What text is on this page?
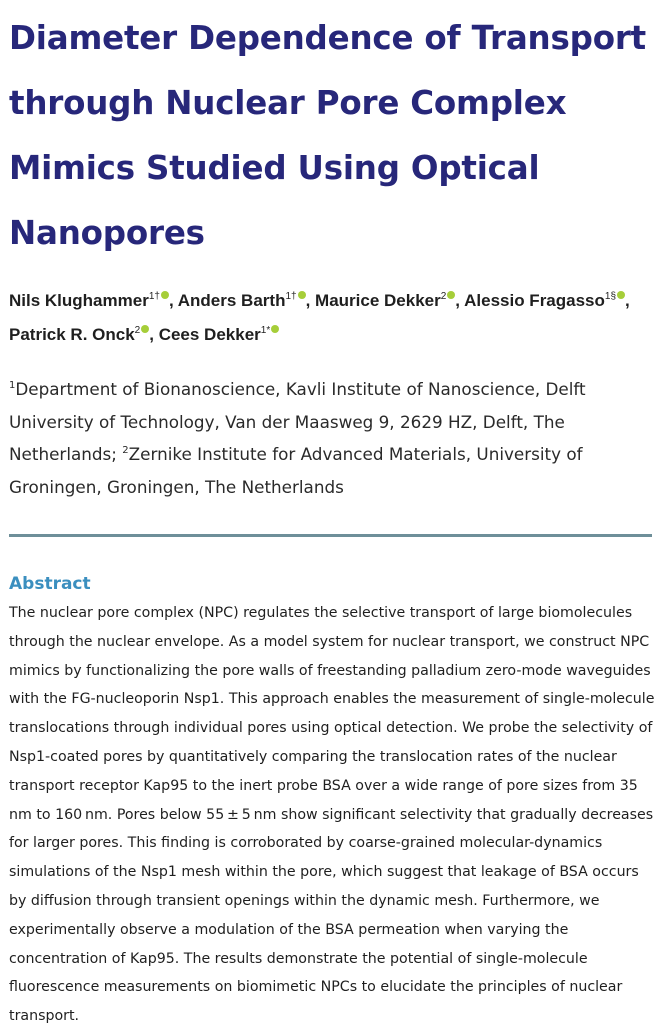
Diameter Dependence of Transport through Nuclear Pore Complex Mimics Studied Using Optical Nanopores
Nils Klughammer$^{1\dagger}$ , Anders Barth$^{1\dagger}$ , Maurice Dekker$^2$ , Alessio Fragasso$^{1\S}$ , Patrick R. Onck$^2$ , Cees Dekker$^{1*}$
$^1$Department of Bionanoscience, Kavli Institute of Nanoscience, Delft University of Technology, Van der Maasweg 9, 2629 HZ, Delft, The Netherlands; $^2$Zernike Institute for Advanced Materials, University of Groningen, Groningen, The Netherlands
Abstract
The nuclear pore complex (NPC) regulates the selective transport of large biomolecules through the nuclear envelope. As a model system for nuclear transport, we construct NPC mimics by functionalizing the pore walls of freestanding palladium zero-mode waveguides with the FG-nucleoporin Nsp1. This approach enables the measurement of single-molecule translocations through individual pores using optical detection. We probe the selectivity of Nsp1-coated pores by quantitatively comparing the translocation rates of the nuclear transport receptor Kap95 to the inert probe BSA over a wide range of pore sizes from 35 nm to 160 nm. Pores below 55 ± 5 nm show significant selectivity that gradually decreases for larger pores. This finding is corroborated by coarse-grained molecular-dynamics simulations of the Nsp1 mesh within the pore, which suggest that leakage of BSA occurs by diffusion through transient openings within the dynamic mesh. Furthermore, we experimentally observe a modulation of the BSA permeation when varying the concentration of Kap95. The results demonstrate the potential of single-molecule fluorescence measurements on biomimetic NPCs to elucidate the principles of nuclear transport.
